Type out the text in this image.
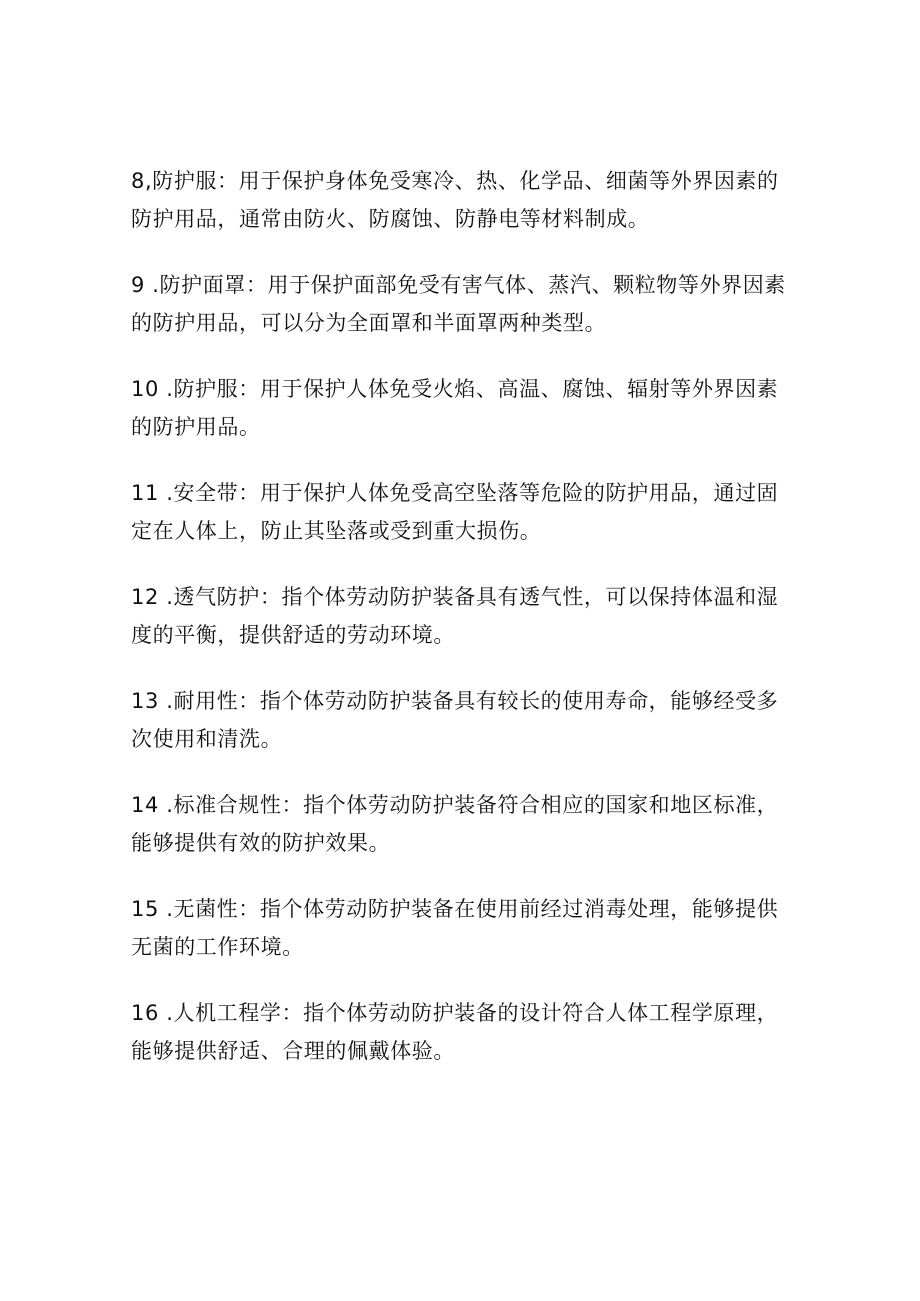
8,防护服：用于保护身体免受寒冷、热、化学品、细菌等外界因素的防护用品，通常由防火、防腐蚀、防静电等材料制成。

9 .防护面罩：用于保护面部免受有害气体、蒸汽、颗粒物等外界因素的防护用品，可以分为全面罩和半面罩两种类型。

10 .防护服：用于保护人体免受火焰、高温、腐蚀、辐射等外界因素的防护用品。

11 .安全带：用于保护人体免受高空坠落等危险的防护用品，通过固定在人体上，防止其坠落或受到重大损伤。

12 .透气防护：指个体劳动防护装备具有透气性，可以保持体温和湿度的平衡，提供舒适的劳动环境。

13 .耐用性：指个体劳动防护装备具有较长的使用寿命，能够经受多次使用和清洗。

14 .标准合规性：指个体劳动防护装备符合相应的国家和地区标准，能够提供有效的防护效果。

15 .无菌性：指个体劳动防护装备在使用前经过消毒处理，能够提供无菌的工作环境。

16 .人机工程学：指个体劳动防护装备的设计符合人体工程学原理，能够提供舒适、合理的佩戴体验。
